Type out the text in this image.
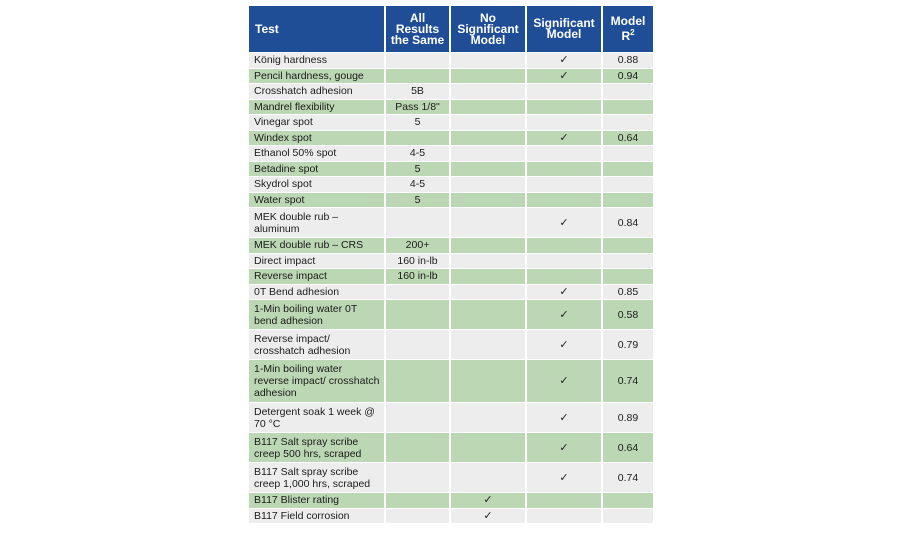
Test	All Results the Same	No Significant Model	Significant Model	Model $R^2$
König hardness			✓	0.88
Pencil hardness, gouge			✓	0.94
Crosshatch adhesion	5B			
Mandrel flexibility	Pass 1/8"			
Vinegar spot	5			
Windex spot			✓	0.64
Ethanol 50% spot	4-5			
Betadine spot	5			
Skydrol spot	4-5			
Water spot	5			
MEK double rub – aluminum			✓	0.84
MEK double rub – CRS	200+			
Direct impact	160 in-lb			
Reverse impact	160 in-lb			
0T Bend adhesion			✓	0.85
1-Min boiling water 0T bend adhesion			✓	0.58
Reverse impact/ crosshatch adhesion			✓	0.79
1-Min boiling water reverse impact/ crosshatch adhesion			✓	0.74
Detergent soak 1 week @ 70 °C			✓	0.89
B117 Salt spray scribe creep 500 hrs, scraped			✓	0.64
B117 Salt spray scribe creep 1,000 hrs, scraped			✓	0.74
B117 Blister rating		✓		
B117 Field corrosion		✓		
